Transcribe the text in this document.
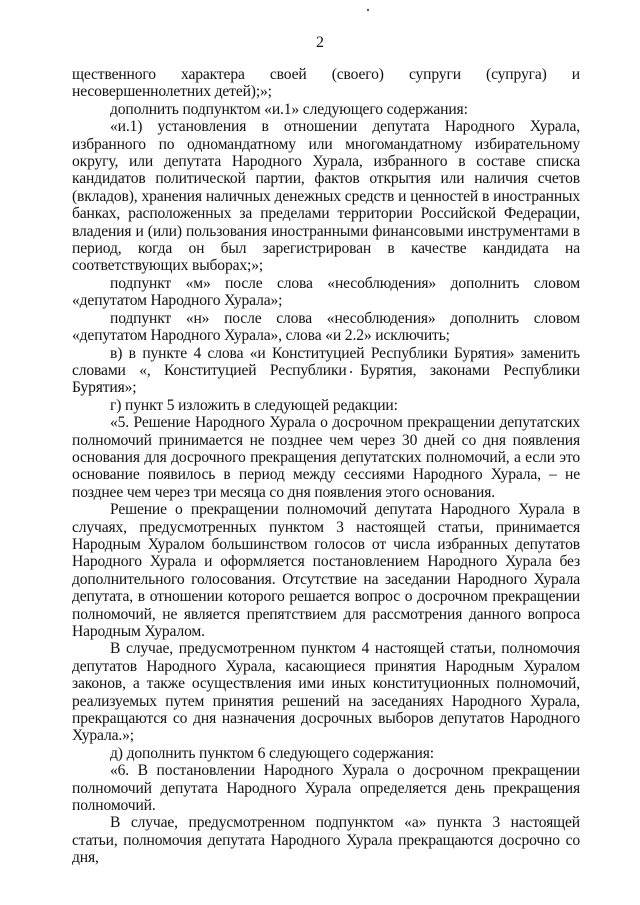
2

щественного характера своей (своего) супруги (супруга) и несовершеннолетних детей);»;

дополнить подпунктом «и.1» следующего содержания:

«и.1) установления в отношении депутата Народного Хурала, избранного по одномандатному или многомандатному избирательному округу, или депутата Народного Хурала, избранного в составе списка кандидатов политической партии, фактов открытия или наличия счетов (вкладов), хранения наличных денежных средств и ценностей в иностранных банках, расположенных за пределами территории Российской Федерации, владения и (или) пользования иностранными финансовыми инструментами в период, когда он был зарегистрирован в качестве кандидата на соответствующих выборах;»;

подпункт «м» после слова «несоблюдения» дополнить словом «депутатом Народного Хурала»;

подпункт «н» после слова «несоблюдения» дополнить словом «депутатом Народного Хурала», слова «и 2.2» исключить;

в) в пункте 4 слова «и Конституцией Республики Бурятия» заменить словами «, Конституцией Республики Бурятия, законами Республики Бурятия»;

г) пункт 5 изложить в следующей редакции:

«5. Решение Народного Хурала о досрочном прекращении депутатских полномочий принимается не позднее чем через 30 дней со дня появления основания для досрочного прекращения депутатских полномочий, а если это основание появилось в период между сессиями Народного Хурала, – не позднее чем через три месяца со дня появления этого основания.

Решение о прекращении полномочий депутата Народного Хурала в случаях, предусмотренных пунктом 3 настоящей статьи, принимается Народным Хуралом большинством голосов от числа избранных депутатов Народного Хурала и оформляется постановлением Народного Хурала без дополнительного голосования. Отсутствие на заседании Народного Хурала депутата, в отношении которого решается вопрос о досрочном прекращении полномочий, не является препятствием для рассмотрения данного вопроса Народным Хуралом.

В случае, предусмотренном пунктом 4 настоящей статьи, полномочия депутатов Народного Хурала, касающиеся принятия Народным Хуралом законов, а также осуществления ими иных конституционных полномочий, реализуемых путем принятия решений на заседаниях Народного Хурала, прекращаются со дня назначения досрочных выборов депутатов Народного Хурала.»;

д) дополнить пунктом 6 следующего содержания:

«6. В постановлении Народного Хурала о досрочном прекращении полномочий депутата Народного Хурала определяется день прекращения полномочий.

В случае, предусмотренном подпунктом «а» пункта 3 настоящей статьи, полномочия депутата Народного Хурала прекращаются досрочно со дня,
